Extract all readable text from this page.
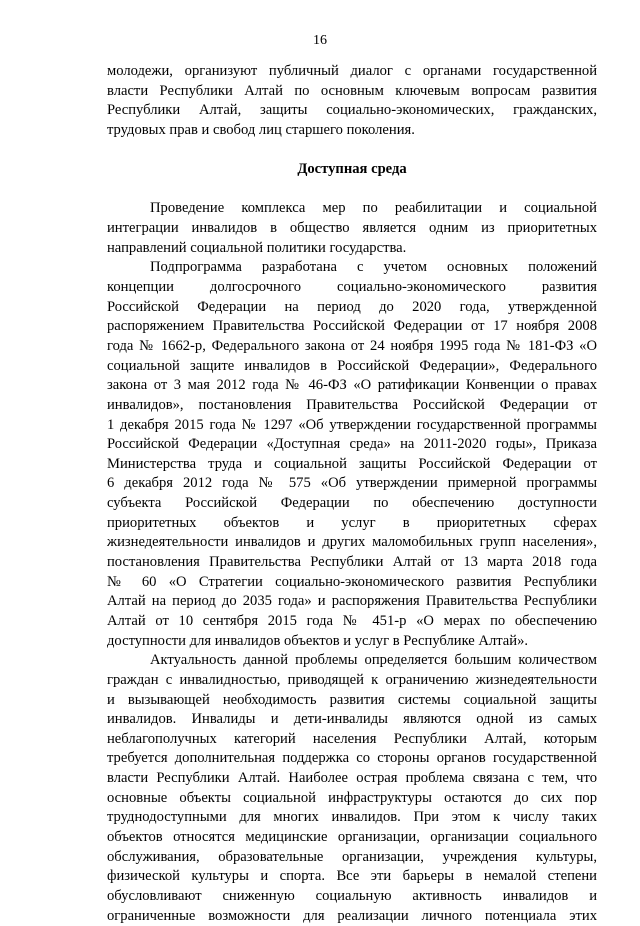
16
молодежи, организуют публичный диалог с органами государственной
власти Республики Алтай по основным ключевым вопросам развития
Республики Алтай, защиты социально-экономических, гражданских,
трудовых прав и свобод лиц старшего поколения.
Доступная среда
Проведение комплекса мер по реабилитации и социальной
интеграции инвалидов в общество является одним из приоритетных
направлений социальной политики государства.
Подпрограмма разработана с учетом основных положений
концепции долгосрочного социально-экономического развития
Российской Федерации на период до 2020 года, утвержденной
распоряжением Правительства Российской Федерации от 17 ноября 2008
года № 1662-р, Федерального закона от 24 ноября 1995 года № 181-ФЗ «О
социальной защите инвалидов в Российской Федерации», Федерального
закона от 3 мая 2012 года № 46-ФЗ «О ратификации Конвенции о правах
инвалидов», постановления Правительства Российской Федерации от
1 декабря 2015 года № 1297 «Об утверждении государственной программы
Российской Федерации «Доступная среда» на 2011-2020 годы», Приказа
Министерства труда и социальной защиты Российской Федерации от
6 декабря 2012 года № 575 «Об утверждении примерной программы
субъекта Российской Федерации по обеспечению доступности
приоритетных объектов и услуг в приоритетных сферах
жизнедеятельности инвалидов и других маломобильных групп населения»,
постановления Правительства Республики Алтай от 13 марта 2018 года
№ 60 «О Стратегии социально-экономического развития Республики
Алтай на период до 2035 года» и распоряжения Правительства Республики
Алтай от 10 сентября 2015 года № 451-р «О мерах по обеспечению
доступности для инвалидов объектов и услуг в Республике Алтай».
Актуальность данной проблемы определяется большим количеством
граждан с инвалидностью, приводящей к ограничению жизнедеятельности
и вызывающей необходимость развития системы социальной защиты
инвалидов. Инвалиды и дети-инвалиды являются одной из самых
неблагополучных категорий населения Республики Алтай, которым
требуется дополнительная поддержка со стороны органов государственной
власти Республики Алтай. Наиболее острая проблема связана с тем, что
основные объекты социальной инфраструктуры остаются до сих пор
труднодоступными для многих инвалидов. При этом к числу таких
объектов относятся медицинские организации, организации социального
обслуживания, образовательные организации, учреждения культуры,
физической культуры и спорта. Все эти барьеры в немалой степени
обусловливают сниженную социальную активность инвалидов и
ограниченные возможности для реализации личного потенциала этих
